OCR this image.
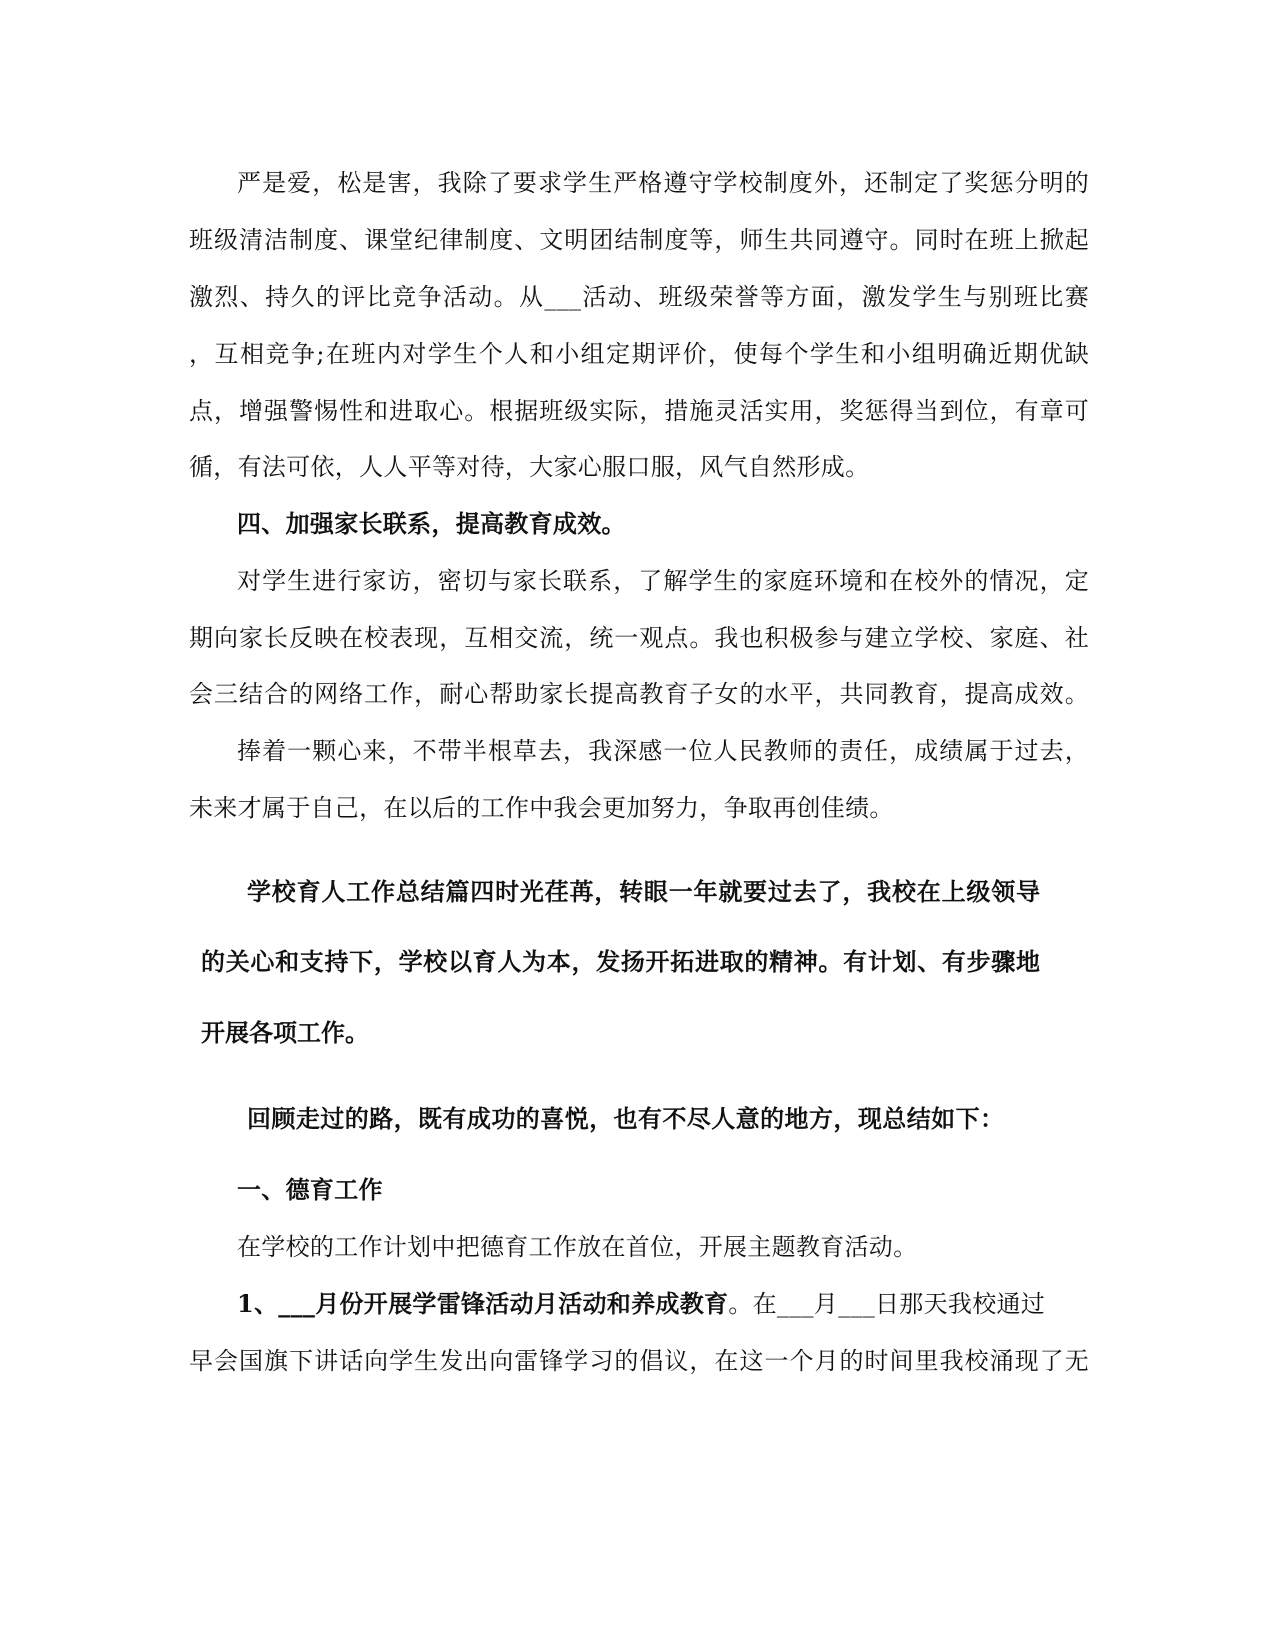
严是爱，松是害，我除了要求学生严格遵守学校制度外，还制定了奖惩分明的
班级清洁制度、课堂纪律制度、文明团结制度等，师生共同遵守。同时在班上掀起
激烈、持久的评比竞争活动。从___活动、班级荣誉等方面，激发学生与别班比赛
，互相竞争;在班内对学生个人和小组定期评价，使每个学生和小组明确近期优缺
点，增强警惕性和进取心。根据班级实际，措施灵活实用，奖惩得当到位，有章可
循，有法可依，人人平等对待，大家心服口服，风气自然形成。
四、加强家长联系，提高教育成效。
对学生进行家访，密切与家长联系，了解学生的家庭环境和在校外的情况，定
期向家长反映在校表现，互相交流，统一观点。我也积极参与建立学校、家庭、社
会三结合的网络工作，耐心帮助家长提高教育子女的水平，共同教育，提高成效。
捧着一颗心来，不带半根草去，我深感一位人民教师的责任，成绩属于过去，
未来才属于自己，在以后的工作中我会更加努力，争取再创佳绩。
学校育人工作总结篇四时光荏苒，转眼一年就要过去了，我校在上级领导
的关心和支持下，学校以育人为本，发扬开拓进取的精神。有计划、有步骤地
开展各项工作。
回顾走过的路，既有成功的喜悦，也有不尽人意的地方，现总结如下：
一、德育工作
在学校的工作计划中把德育工作放在首位，开展主题教育活动。
1、___月份开展学雷锋活动月活动和养成教育。在___月___日那天我校通过
早会国旗下讲话向学生发出向雷锋学习的倡议，在这一个月的时间里我校涌现了无
